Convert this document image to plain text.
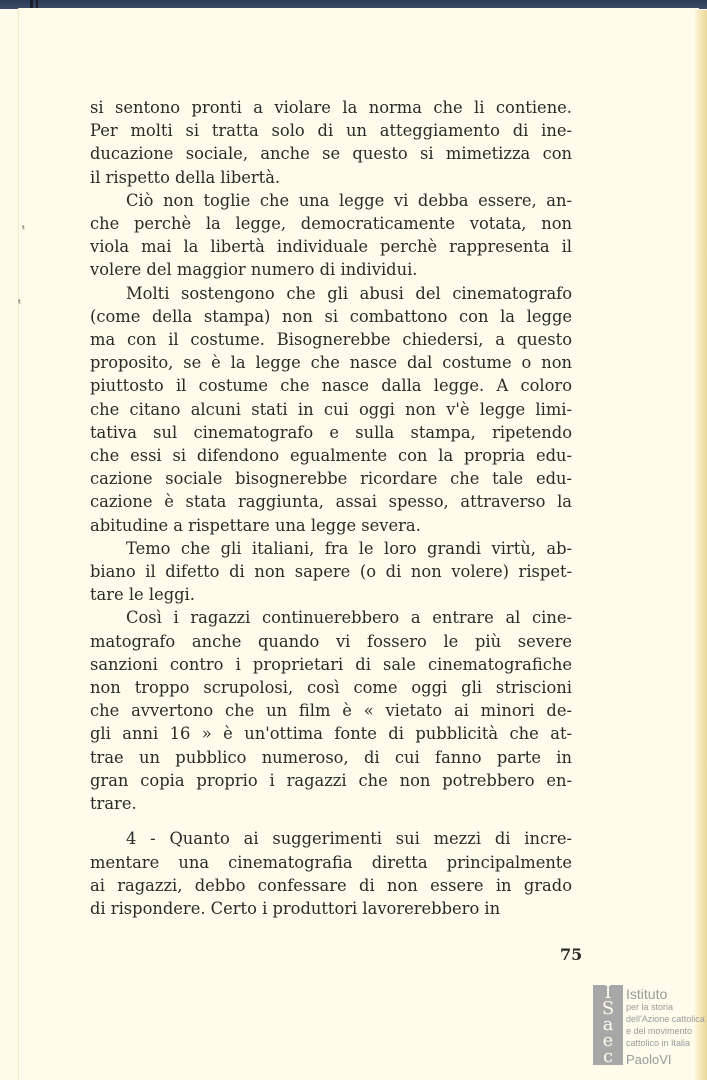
ᵗ
ᵗ

si sentono pronti a violare la norma che li contiene.
Per molti si tratta solo di un atteggiamento di ine-
ducazione sociale, anche se questo si mimetizza con
il rispetto della libertà.

Ciò non toglie che una legge vi debba essere, an-
che perchè la legge, democraticamente votata, non
viola mai la libertà individuale perchè rappresenta il
volere del maggior numero di individui.

Molti sostengono che gli abusi del cinematografo
(come della stampa) non si combattono con la legge
ma con il costume. Bisognerebbe chiedersi, a questo
proposito, se è la legge che nasce dal costume o non
piuttosto il costume che nasce dalla legge. A coloro
che citano alcuni stati in cui oggi non v'è legge limi-
tativa sul cinematografo e sulla stampa, ripetendo
che essi si difendono egualmente con la propria edu-
cazione sociale bisognerebbe ricordare che tale edu-
cazione è stata raggiunta, assai spesso, attraverso la
abitudine a rispettare una legge severa.

Temo che gli italiani, fra le loro grandi virtù, ab-
biano il difetto di non sapere (o di non volere) rispet-
tare le leggi.

Così i ragazzi continuerebbero a entrare al cine-
matografo anche quando vi fossero le più severe
sanzioni contro i proprietari di sale cinematografiche
non troppo scrupolosi, così come oggi gli striscioni
che avvertono che un film è « vietato ai minori de-
gli anni 16 » è un'ottima fonte di pubblicità che at-
trae un pubblico numeroso, di cui fanno parte in
gran copia proprio i ragazzi che non potrebbero en-
trare.

4 - Quanto ai suggerimenti sui mezzi di incre-
mentare una cinematografia diretta principalmente
ai ragazzi, debbo confessare di non essere in grado
di rispondere. Certo i produttori lavorerebbero in

75
I
S
a
e
c
Istituto
per la storia
dell'Azione cattolica
e del movimento
cattolico in Italia
PaoloVI
